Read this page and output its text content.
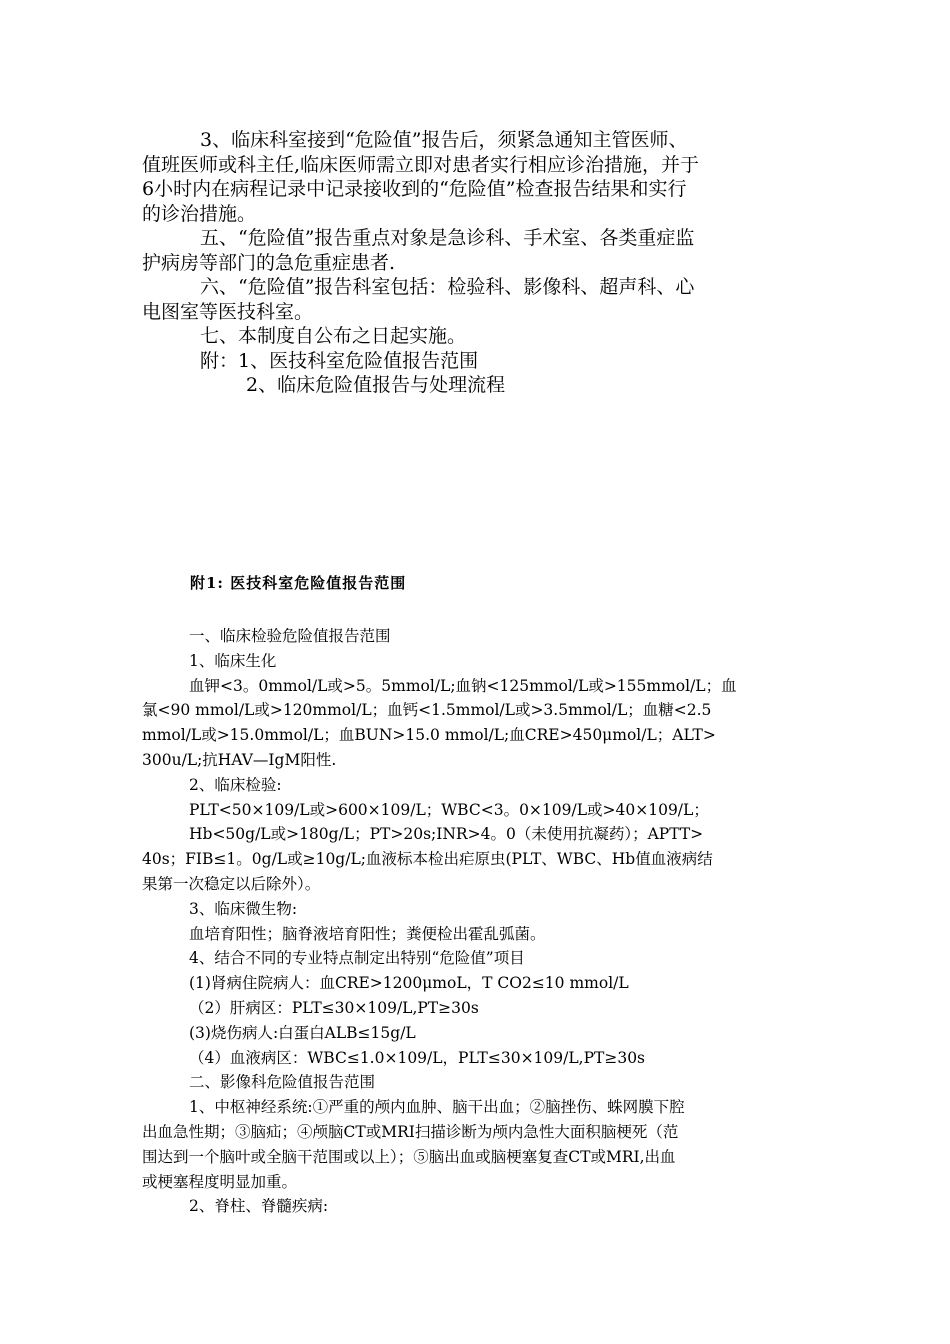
3、临床科室接到“危险值”报告后，须紧急通知主管医师、

值班医师或科主任,临床医师需立即对患者实行相应诊治措施，并于

6小时内在病程记录中记录接收到的“危险值”检查报告结果和实行

的诊治措施。

五、“危险值”报告重点对象是急诊科、手术室、各类重症监

护病房等部门的急危重症患者.

六、“危险值”报告科室包括：检验科、影像科、超声科、心

电图室等医技科室。

七、本制度自公布之日起实施。

附：1、医技科室危险值报告范围

2、临床危险值报告与处理流程

附1: 医技科室危险值报告范围

一、临床检验危险值报告范围

1、临床生化

血钾<3。0mmol/L或>5。5mmol/L;血钠<125mmol/L或>155mmol/L；血

氯<90 mmol/L或>120mmol/L；血钙<1.5mmol/L或>3.5mmol/L；血糖<2.5

mmol/L或>15.0mmol/L；血BUN>15.0 mmol/L;血CRE>450μmol/L；ALT>

300u/L;抗HAV—IgM阳性.

2、临床检验:

PLT<50×109/L或>600×109/L；WBC<3。0×109/L或>40×109/L；

Hb<50g/L或>180g/L；PT>20s;INR>4。0（未使用抗凝药）；APTT>

40s；FIB≤1。0g/L或≥10g/L;血液标本检出疟原虫(PLT、WBC、Hb值血液病结

果第一次稳定以后除外）。

3、临床微生物:

血培育阳性；脑脊液培育阳性；粪便检出霍乱弧菌。

4、结合不同的专业特点制定出特别“危险值”项目

(1)肾病住院病人：血CRE>1200μmoL，T CO2≤10 mmol/L

（2）肝病区：PLT≤30×109/L,PT≥30s

(3)烧伤病人:白蛋白ALB≤15g/L

（4）血液病区：WBC≤1.0×109/L，PLT≤30×109/L,PT≥30s

二、影像科危险值报告范围

1、中枢神经系统:①严重的颅内血肿、脑干出血；②脑挫伤、蛛网膜下腔

出血急性期；③脑疝；④颅脑CT或MRI扫描诊断为颅内急性大面积脑梗死（范

围达到一个脑叶或全脑干范围或以上）；⑤脑出血或脑梗塞复查CT或MRI,出血

或梗塞程度明显加重。

2、脊柱、脊髓疾病:
